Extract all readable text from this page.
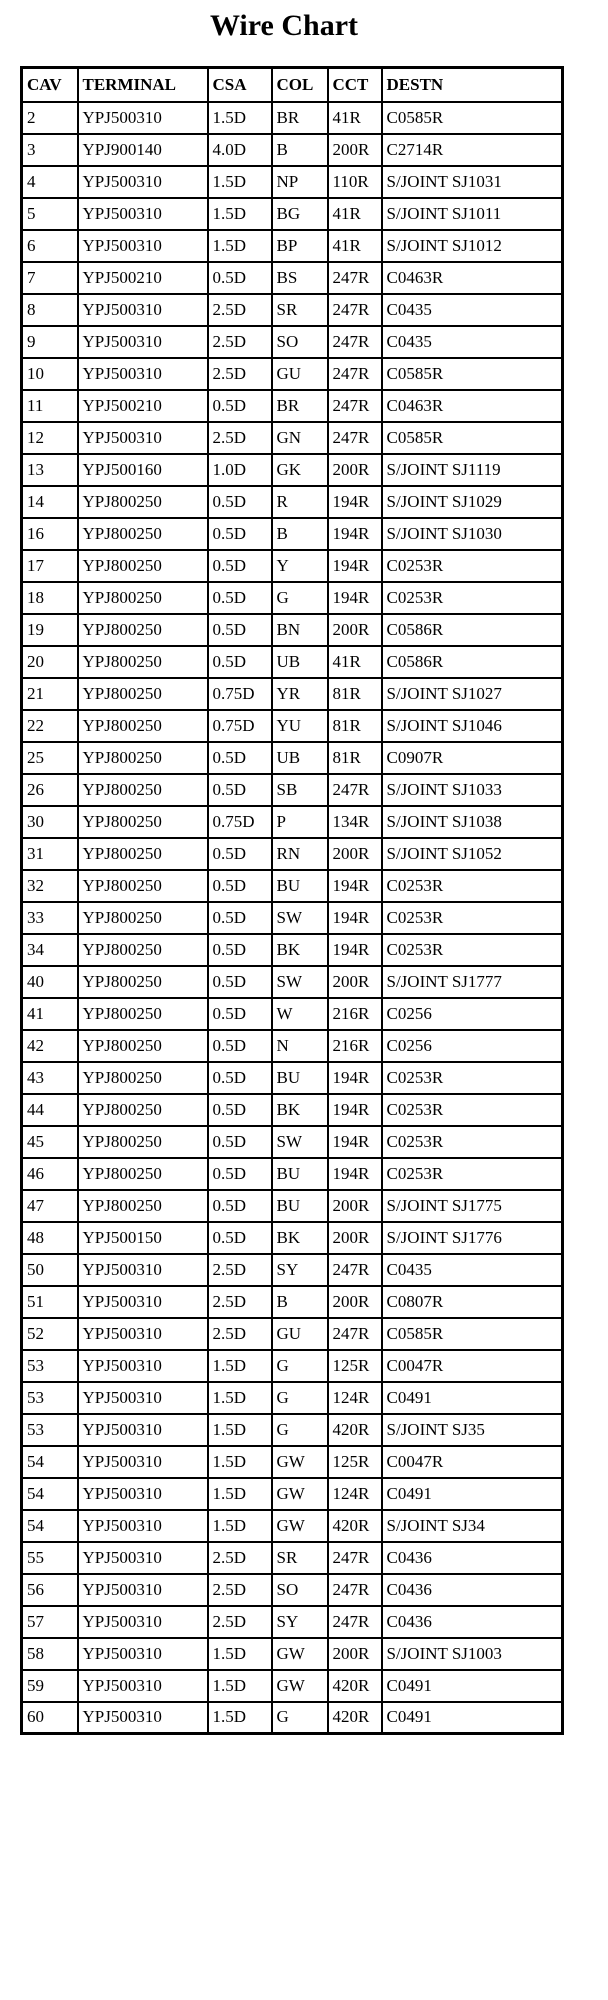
Wire Chart
CAV	TERMINAL	CSA	COL	CCT	DESTN
2	YPJ500310	1.5D	BR	41R	C0585R
3	YPJ900140	4.0D	B	200R	C2714R
4	YPJ500310	1.5D	NP	110R	S/JOINT SJ1031
5	YPJ500310	1.5D	BG	41R	S/JOINT SJ1011
6	YPJ500310	1.5D	BP	41R	S/JOINT SJ1012
7	YPJ500210	0.5D	BS	247R	C0463R
8	YPJ500310	2.5D	SR	247R	C0435
9	YPJ500310	2.5D	SO	247R	C0435
10	YPJ500310	2.5D	GU	247R	C0585R
11	YPJ500210	0.5D	BR	247R	C0463R
12	YPJ500310	2.5D	GN	247R	C0585R
13	YPJ500160	1.0D	GK	200R	S/JOINT SJ1119
14	YPJ800250	0.5D	R	194R	S/JOINT SJ1029
16	YPJ800250	0.5D	B	194R	S/JOINT SJ1030
17	YPJ800250	0.5D	Y	194R	C0253R
18	YPJ800250	0.5D	G	194R	C0253R
19	YPJ800250	0.5D	BN	200R	C0586R
20	YPJ800250	0.5D	UB	41R	C0586R
21	YPJ800250	0.75D	YR	81R	S/JOINT SJ1027
22	YPJ800250	0.75D	YU	81R	S/JOINT SJ1046
25	YPJ800250	0.5D	UB	81R	C0907R
26	YPJ800250	0.5D	SB	247R	S/JOINT SJ1033
30	YPJ800250	0.75D	P	134R	S/JOINT SJ1038
31	YPJ800250	0.5D	RN	200R	S/JOINT SJ1052
32	YPJ800250	0.5D	BU	194R	C0253R
33	YPJ800250	0.5D	SW	194R	C0253R
34	YPJ800250	0.5D	BK	194R	C0253R
40	YPJ800250	0.5D	SW	200R	S/JOINT SJ1777
41	YPJ800250	0.5D	W	216R	C0256
42	YPJ800250	0.5D	N	216R	C0256
43	YPJ800250	0.5D	BU	194R	C0253R
44	YPJ800250	0.5D	BK	194R	C0253R
45	YPJ800250	0.5D	SW	194R	C0253R
46	YPJ800250	0.5D	BU	194R	C0253R
47	YPJ800250	0.5D	BU	200R	S/JOINT SJ1775
48	YPJ500150	0.5D	BK	200R	S/JOINT SJ1776
50	YPJ500310	2.5D	SY	247R	C0435
51	YPJ500310	2.5D	B	200R	C0807R
52	YPJ500310	2.5D	GU	247R	C0585R
53	YPJ500310	1.5D	G	125R	C0047R
53	YPJ500310	1.5D	G	124R	C0491
53	YPJ500310	1.5D	G	420R	S/JOINT SJ35
54	YPJ500310	1.5D	GW	125R	C0047R
54	YPJ500310	1.5D	GW	124R	C0491
54	YPJ500310	1.5D	GW	420R	S/JOINT SJ34
55	YPJ500310	2.5D	SR	247R	C0436
56	YPJ500310	2.5D	SO	247R	C0436
57	YPJ500310	2.5D	SY	247R	C0436
58	YPJ500310	1.5D	GW	200R	S/JOINT SJ1003
59	YPJ500310	1.5D	GW	420R	C0491
60	YPJ500310	1.5D	G	420R	C0491
